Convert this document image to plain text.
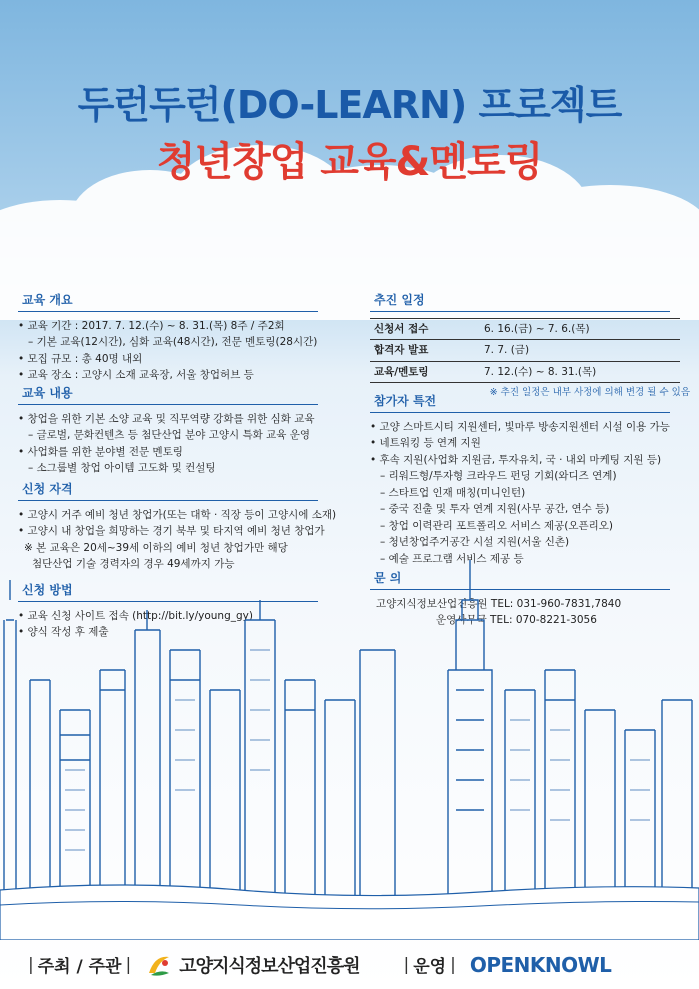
두런두런(DO-LEARN) 프로젝트
청년창업 교육&멘토링
교육 개요
• 교육 기간 : 2017. 7. 12.(수) ~ 8. 31.(목) 8주 / 주2회
– 기본 교육(12시간), 심화 교육(48시간), 전문 멘토링(28시간)
• 모집 규모 : 총 40명 내외
• 교육 장소 : 고양시 소재 교육장, 서울 창업허브 등
교육 내용
• 창업을 위한 기본 소양 교육 및 직무역량 강화를 위한 심화 교육
– 글로벌, 문화컨텐츠 등 첨단산업 분야 고양시 특화 교육 운영
• 사업화를 위한 분야별 전문 멘토링
– 소그룹별 창업 아이템 고도화 및 컨설팅
신청 자격
• 고양시 거주 예비 청년 창업가(또는 대학 · 직장 등이 고양시에 소재)
• 고양시 내 창업을 희망하는 경기 북부 및 타지역 예비 청년 창업가
※ 본 교육은 20세~39세 이하의 예비 청년 창업가만 해당
첨단산업 기술 경력자의 경우 49세까지 가능
신청 방법
• 교육 신청 사이트 접속 (http://bit.ly/young_gy)
• 양식 작성 후 제출
추진 일정
신청서 접수	6. 16.(금) ~ 7. 6.(목)
합격자 발표	7. 7. (금)
교육/멘토링	7. 12.(수) ~ 8. 31.(목)
※ 추진 일정은 내부 사정에 의해 변경 될 수 있음
참가자 특전
• 고양 스마트시티 지원센터, 빛마루 방송지원센터 시설 이용 가능
• 네트워킹 등 연계 지원
• 후속 지원(사업화 지원금, 투자유치, 국 · 내외 마케팅 지원 등)
– 리워드형/투자형 크라우드 펀딩 기회(와디즈 연계)
– 스타트업 인재 매칭(미니인턴)
– 중국 진출 및 투자 연계 지원(사무 공간, 연수 등)
– 창업 이력관리 포트폴리오 서비스 제공(오픈리오)
– 청년창업주거공간 시설 지원(서울 신촌)
– 예술 프로그램 서비스 제공 등
문 의
고양지식정보산업진흥원 TEL: 031-960-7831,7840
운영사무국 TEL: 070-8221-3056
| 주최 / 주관 |	고양지식정보산업진흥원	| 운영 | OPENKNOWL
